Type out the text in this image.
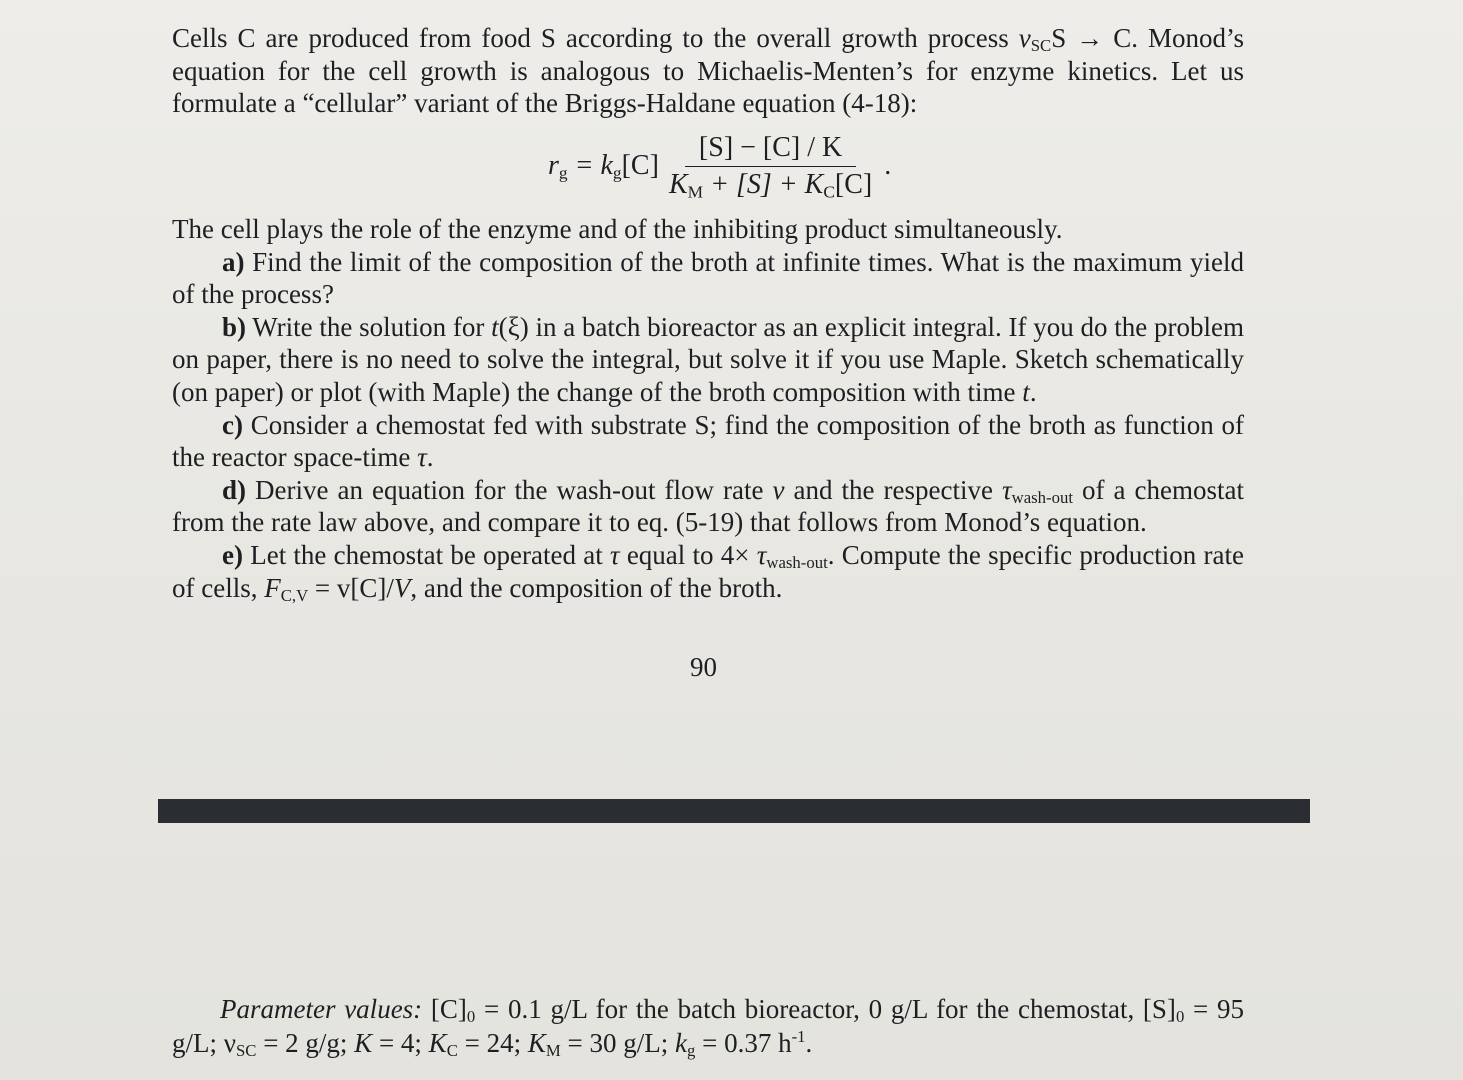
Cells C are produced from food S according to the overall growth process $\nu_{SC}S \to C$. Monod’s equation for the cell growth is analogous to Michaelis-Menten’s for enzyme kinetics. Let us formulate a “cellular” variant of the Briggs-Haldane equation (4-18):

$r_g = k_g[C] \frac{[S] - [C] / K}{K_M + [S] + K_C[C]}$ .

The cell plays the role of the enzyme and of the inhibiting product simultaneously.

a) Find the limit of the composition of the broth at infinite times. What is the maximum yield of the process?

b) Write the solution for t(ξ) in a batch bioreactor as an explicit integral. If you do the problem on paper, there is no need to solve the integral, but solve it if you use Maple. Sketch schematically (on paper) or plot (with Maple) the change of the broth composition with time t.

c) Consider a chemostat fed with substrate S; find the composition of the broth as function of the reactor space-time τ.

d) Derive an equation for the wash-out flow rate v and the respective $\tau_{wash-out}$ of a chemostat from the rate law above, and compare it to eq. (5-19) that follows from Monod’s equation.

e) Let the chemostat be operated at τ equal to $4\times \tau_{wash-out}$. Compute the specific production rate of cells, $F_{C,V} = v[C]/V$, and the composition of the broth.

90

Parameter values: $[C]_0 = 0.1$ g/L for the batch bioreactor, 0 g/L for the chemostat, $[S]_0 = 95$ g/L; $\nu_{SC} = 2$ g/g; K = 4; $K_C = 24$; $K_M = 30$ g/L; $k_g = 0.37$ $h^{-1}$.
